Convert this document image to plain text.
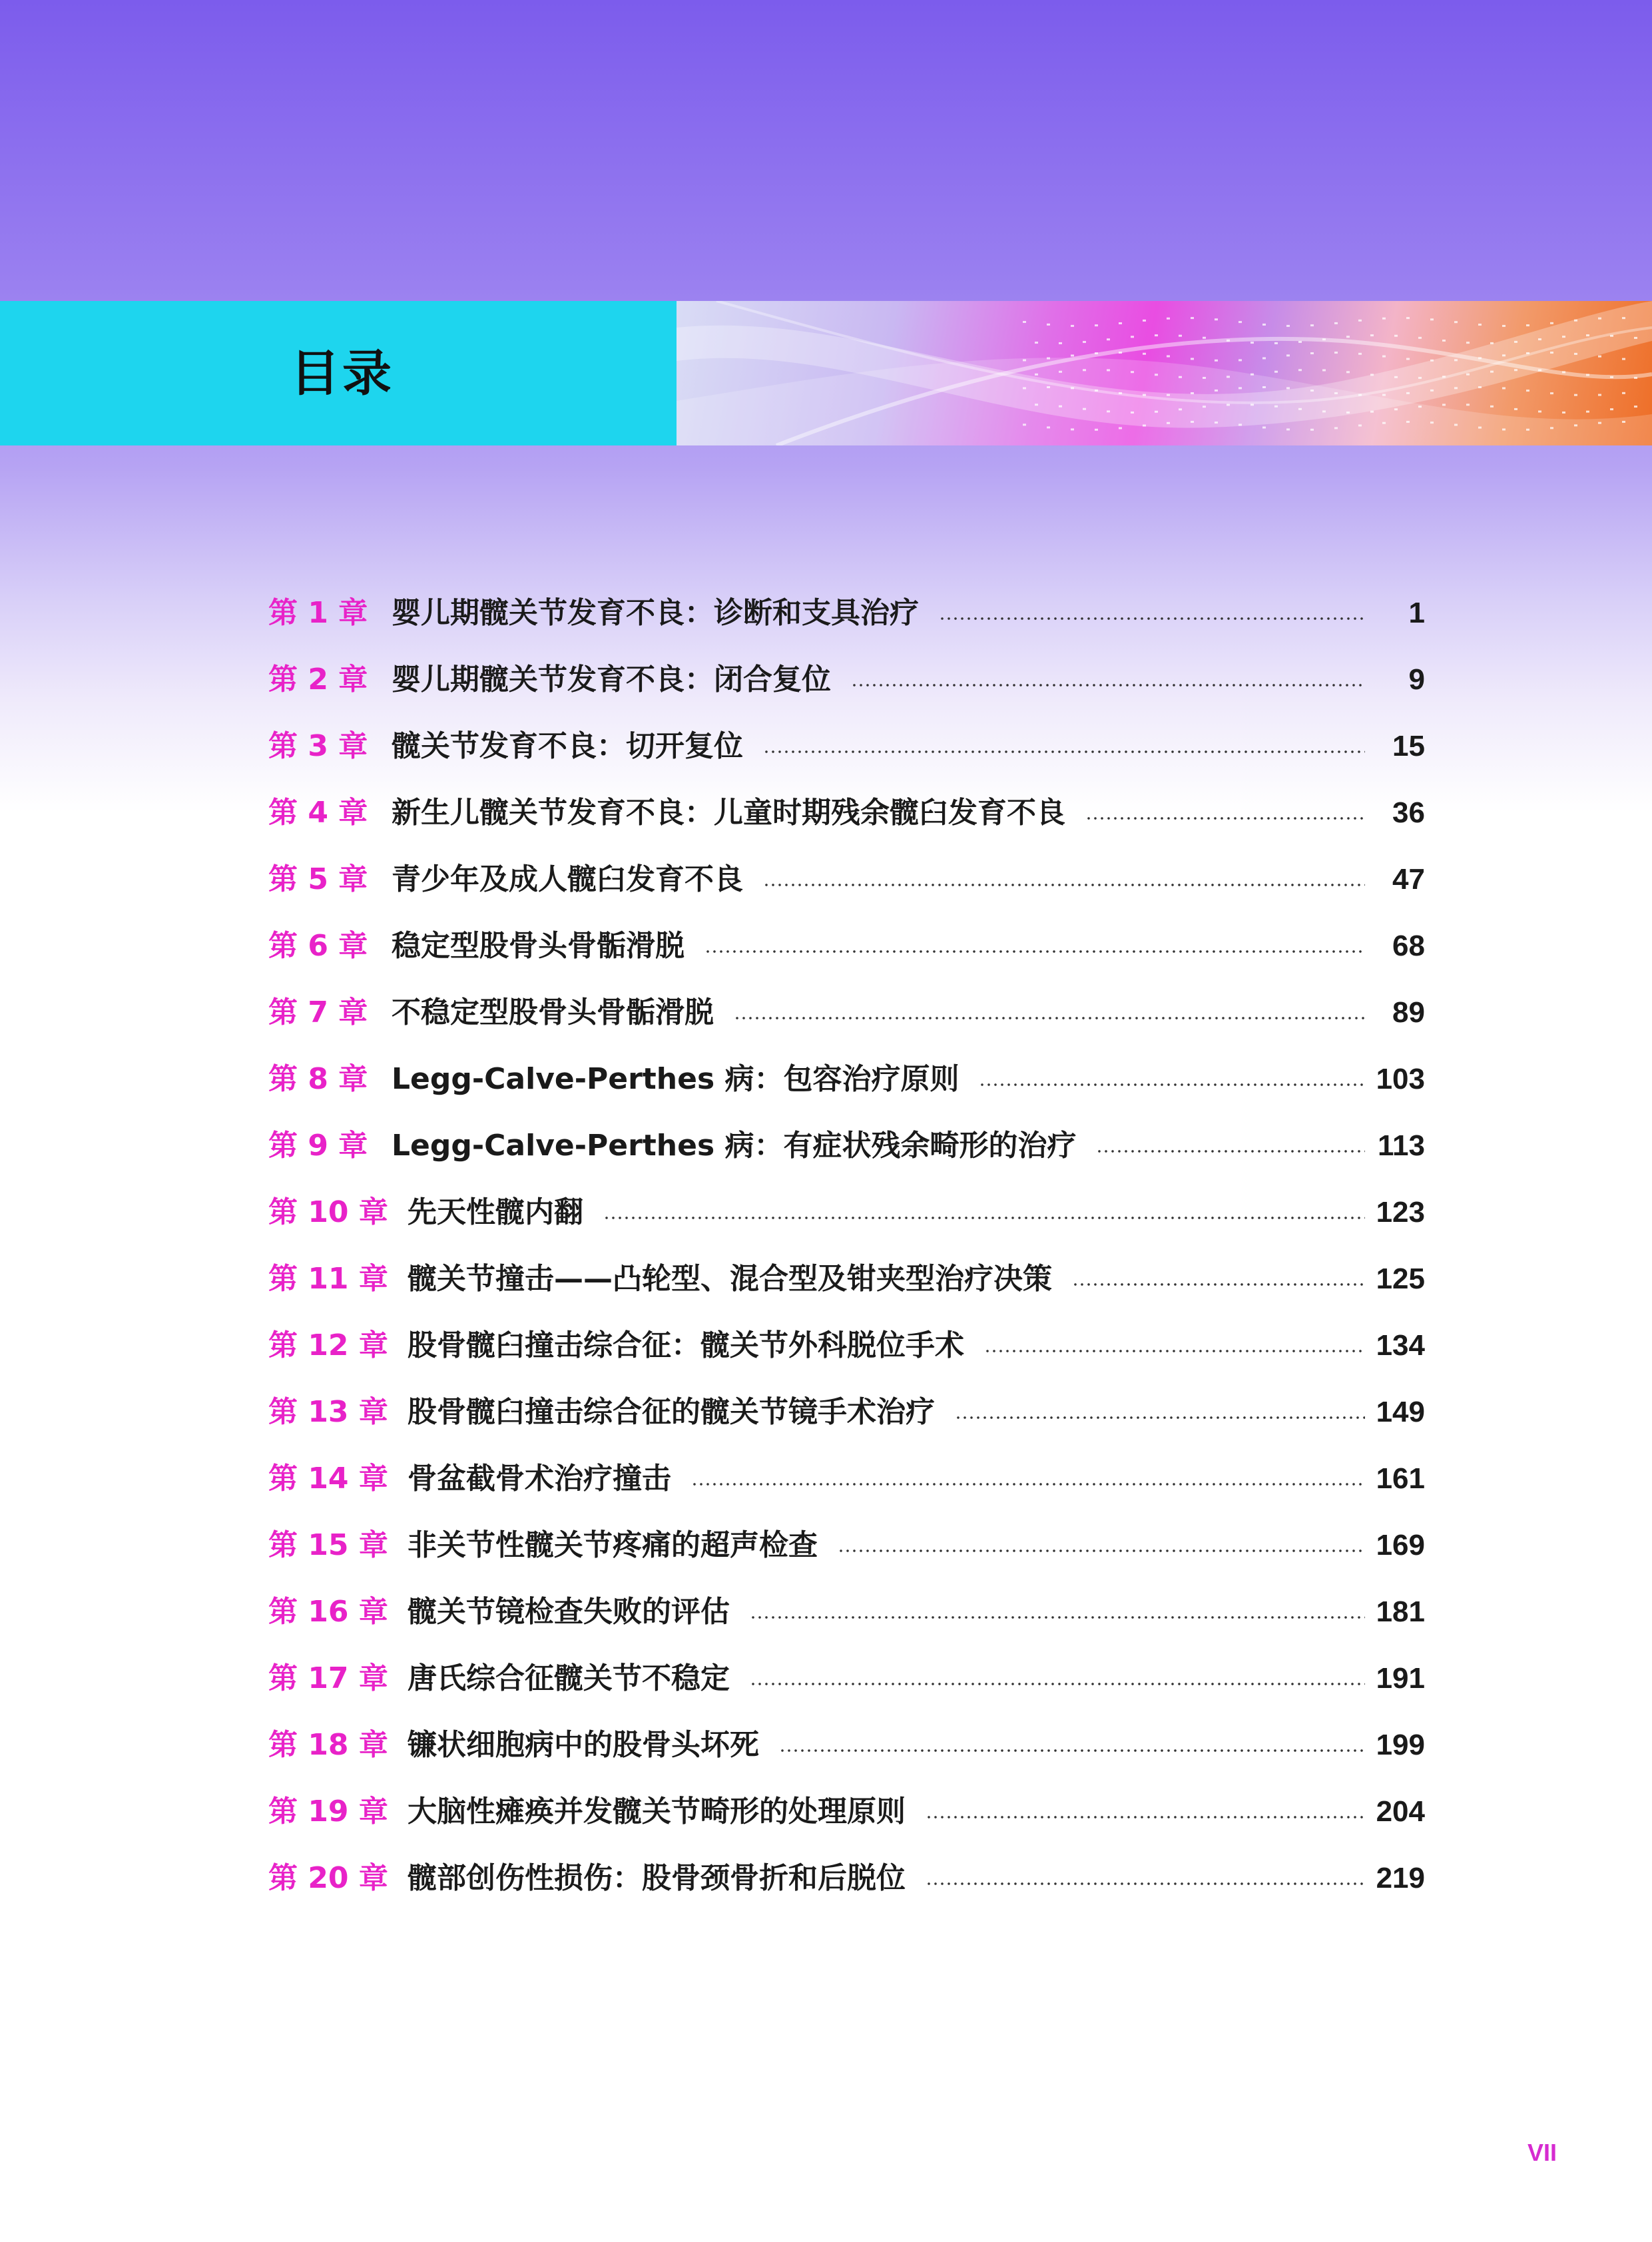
目录
第 1 章 婴儿期髋关节发育不良：诊断和支具治疗	1
第 2 章 婴儿期髋关节发育不良：闭合复位	9
第 3 章 髋关节发育不良：切开复位	15
第 4 章 新生儿髋关节发育不良：儿童时期残余髋臼发育不良	36
第 5 章 青少年及成人髋臼发育不良	47
第 6 章 稳定型股骨头骨骺滑脱	68
第 7 章 不稳定型股骨头骨骺滑脱	89
第 8 章 Legg-Calve-Perthes 病：包容治疗原则	103
第 9 章 Legg-Calve-Perthes 病：有症状残余畸形的治疗	113
第 10 章 先天性髋内翻	123
第 11 章 髋关节撞击——凸轮型、混合型及钳夹型治疗决策	125
第 12 章 股骨髋臼撞击综合征：髋关节外科脱位手术	134
第 13 章 股骨髋臼撞击综合征的髋关节镜手术治疗	149
第 14 章 骨盆截骨术治疗撞击	161
第 15 章 非关节性髋关节疼痛的超声检查	169
第 16 章 髋关节镜检查失败的评估	181
第 17 章 唐氏综合征髋关节不稳定	191
第 18 章 镰状细胞病中的股骨头坏死	199
第 19 章 大脑性瘫痪并发髋关节畸形的处理原则	204
第 20 章 髋部创伤性损伤：股骨颈骨折和后脱位	219
VII
